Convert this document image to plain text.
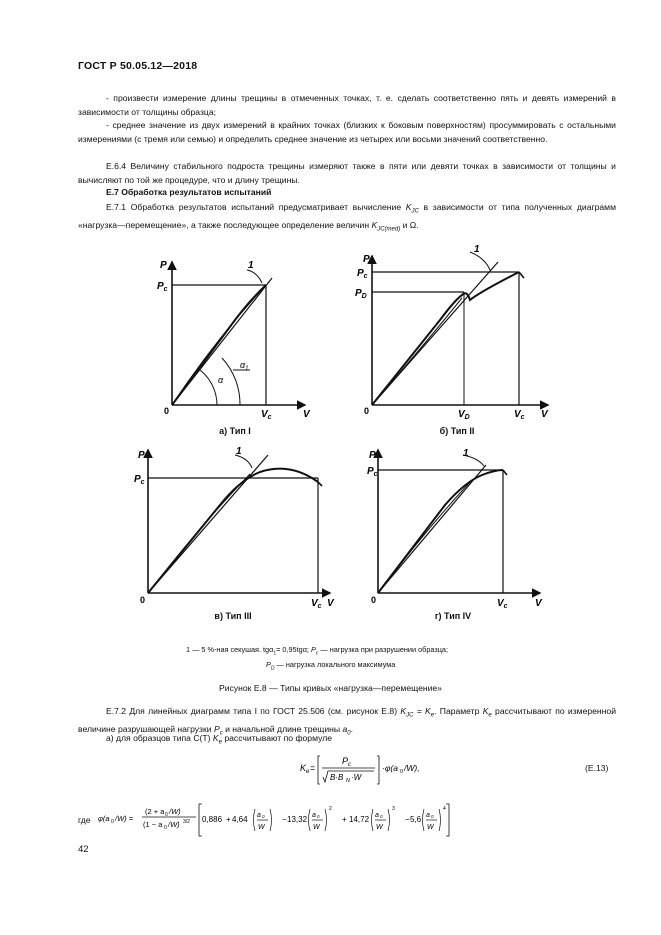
ГОСТ Р 50.05.12—2018
- произвести измерение длины трещины в отмеченных точках, т. е. сделать соответственно пять и девять измерений в зависимости от толщины образца;
- среднее значение из двух измерений в крайних точках (близких к боковым поверхностям) просуммировать с остальными измерениями (с тремя или семью) и определить среднее значение из четырех или восьми значений соответственно.
Е.6.4 Величину стабильного подроста трещины измеряют также в пяти или девяти точках в зависимости от толщины и вычисляют по той же процедуре, что и длину трещины.
Е.7 Обработка результатов испытаний
Е.7.1 Обработка результатов испытаний предусматривает вычисление $K_{JC}$ в зависимости от типа полученных диаграмм «нагрузка—перемещение», а также последующее определение величин $K_{JC(med)}$ и Ω.
P
$P_c$
0	$V_c$	V
1
α
$\alpha_1$
P
$P_c$
$P_D$
0	$V_D$	$V_c$ V
1
P
$P_c$
0	$V_c$ V
1	P
$P_c$
0	$V_c$	V
1
а) Тип I	б) Тип II
в) Тип III	г) Тип IV
1 — 5 %-ная секушая. tgα$_1$= 0,95tgα; $P_c$ — нагрузка при разрушении образца;
$P_D$ — нагрузка локального максимума
Рисунок Е.8 — Типы кривых «нагрузка—перемещение»
Е.7.2 Для линейных диаграмм типа I по ГОСТ 25.506 (см. рисунок Е.8) $K_{JC} = K_e$. Параметр $K_e$ рассчитывают по измеренной величине разрушающей нагрузки $P_c$ и начальной длине трещины $a_0$.
а) для образцов типа С(Т) $K_e$ рассчитывают по формуле
K e =
P c
B·B N ·W
·φ(a 0 /W),	(Е.13)
где φ(a 0 /W) =
(2 + a 0 /W)
(1 − a 0 /W) 3/2 0,886 + 4,64	− 13,32	+ 14,72	− 5,6
a 0
W
a 0
W
2
a 0
W
3
a 0
W
4
42
